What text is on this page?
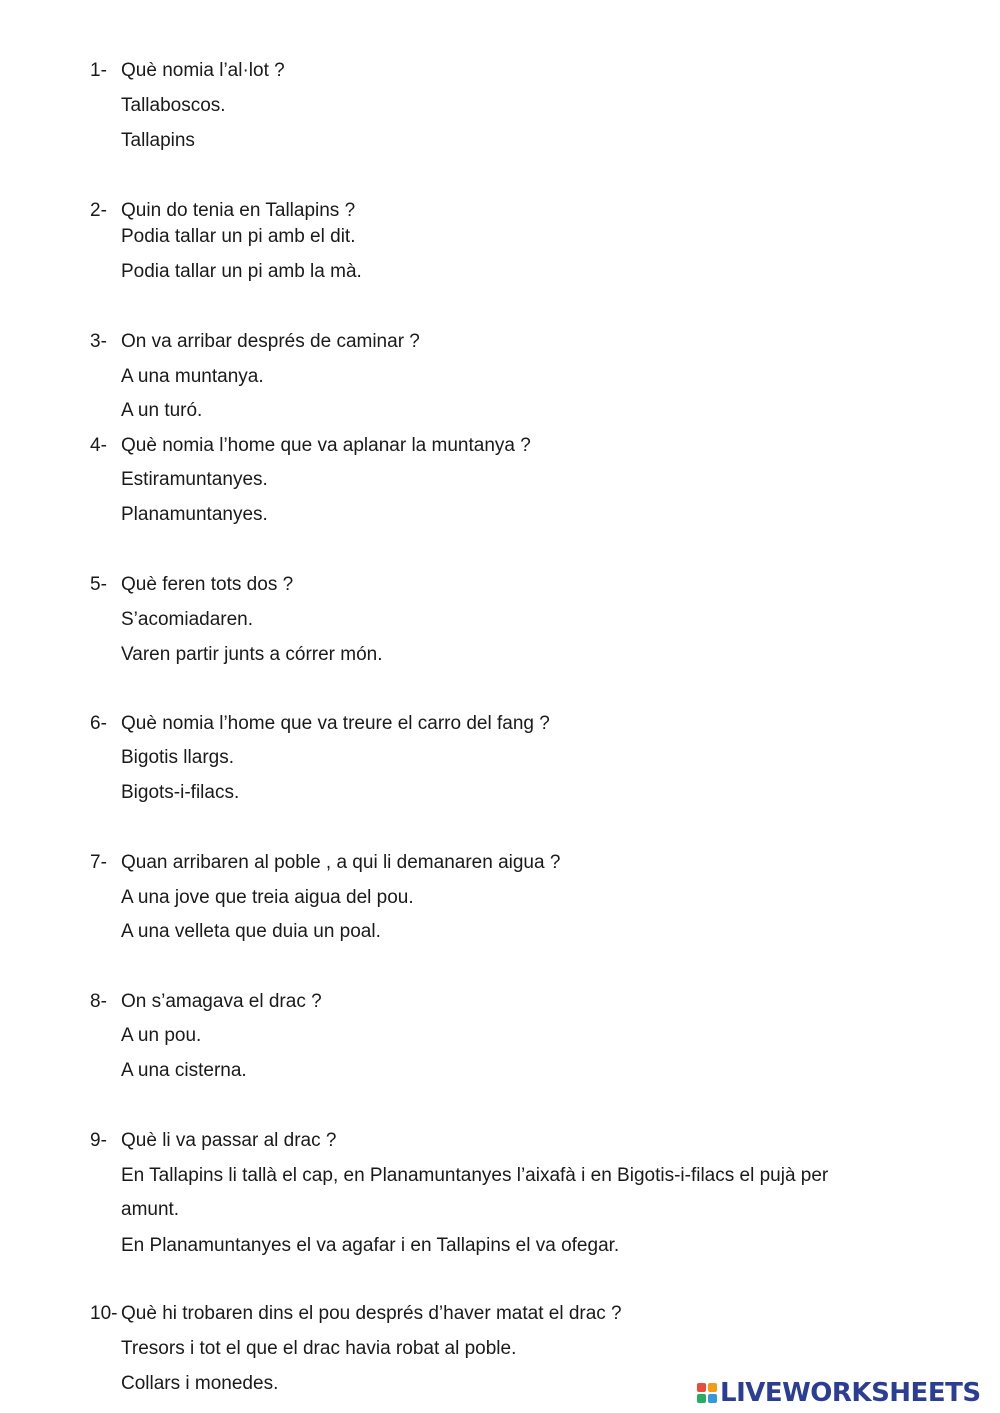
1- Què nomia l’al·lot ?
Tallaboscos.
Tallapins
2- Quin do tenia en Tallapins ?
Podia tallar un pi amb el dit.
Podia tallar un pi amb la mà.
3- On va arribar després de caminar ?
A una muntanya.
A un turó.
4- Què nomia l’home que va aplanar la muntanya ?
Estiramuntanyes.
Planamuntanyes.
5- Què feren tots dos ?
S’acomiadaren.
Varen partir junts a córrer món.
6- Què nomia l’home que va treure el carro del fang ?
Bigotis llargs.
Bigots-i-filacs.
7- Quan arribaren al poble , a qui li demanaren aigua ?
A una jove que treia aigua del pou.
A una velleta que duia un poal.
8- On s’amagava el drac ?
A un pou.
A una cisterna.
9- Què li va passar al drac ?
En Tallapins li tallà el cap, en Planamuntanyes l’aixafà i en Bigotis-i-filacs el pujà per
amunt.
En Planamuntanyes el va agafar i en Tallapins el va ofegar.
10- Què hi trobaren dins el pou després d’haver matat el drac ?
Tresors i tot el que el drac havia robat al poble.
Collars i monedes.	LIVEWORKSHEETS
